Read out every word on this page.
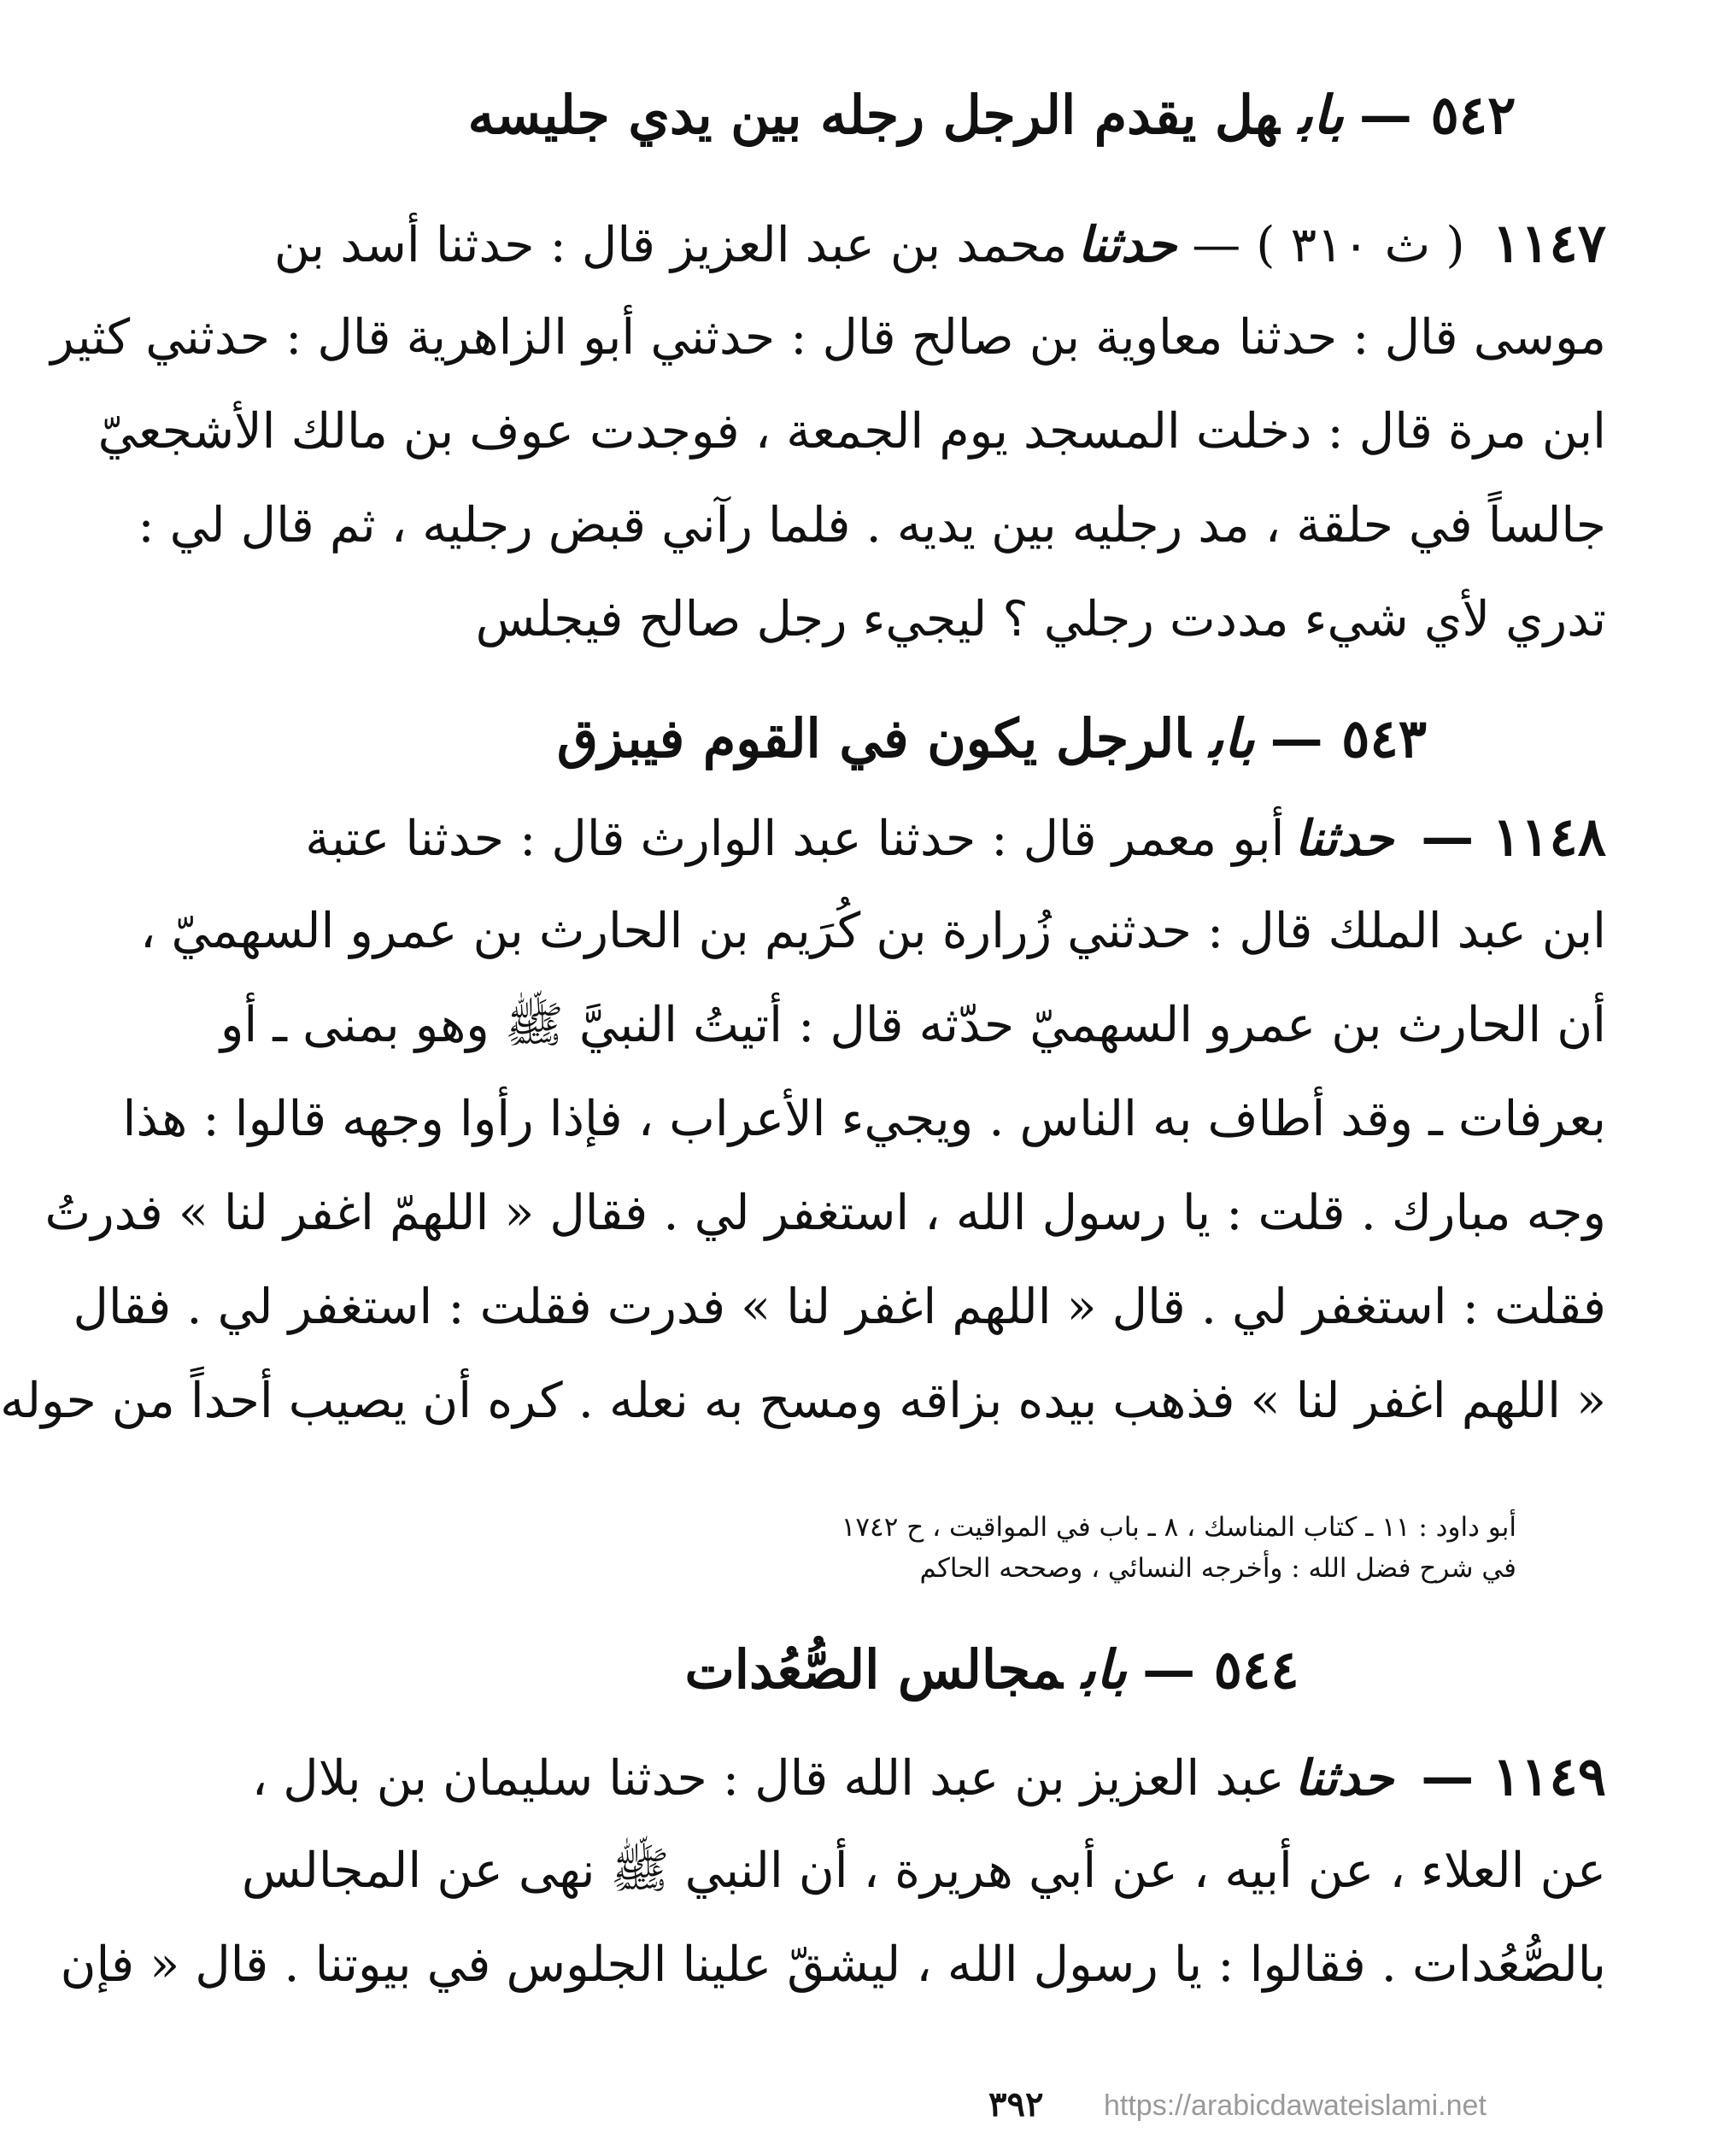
٥٤٢ —بابهل يقدم الرجل رجله بين يدي جليسه
١١٤٧ ( ث ٣١٠ ) — حدثنامحمد بن عبد العزيز قال : حدثنا أسد بن
موسى قال : حدثنا معاوية بن صالح قال : حدثني أبو الزاهرية قال : حدثني كثير
ابن مرة قال : دخلت المسجد يوم الجمعة ، فوجدت عوف بن مالك الأشجعيّ
جالساً في حلقة ، مد رجليه بين يديه . فلما رآني قبض رجليه ، ثم قال لي :
تدري لأي شيء مددت رجلي ؟ ليجيء رجل صالح فيجلس
٥٤٣ —بابالرجل يكون في القوم فيبزق
١١٤٨ — حدثناأبو معمر قال : حدثنا عبد الوارث قال : حدثنا عتبة
ابن عبد الملك قال : حدثني زُرارة بن كُرَيم بن الحارث بن عمرو السهميّ ،
أن الحارث بن عمرو السهميّ حدّثه قال : أتيتُ النبيَّ ﷺ وهو بمنى ـ أو
بعرفات ـ وقد أطاف به الناس . ويجيء الأعراب ، فإذا رأوا وجهه قالوا : هذا
وجه مبارك . قلت : يا رسول الله ، استغفر لي . فقال « اللهمّ اغفر لنا » فدرتُ
فقلت : استغفر لي . قال « اللهم اغفر لنا » فدرت فقلت : استغفر لي . فقال
« اللهم اغفر لنا » فذهب بيده بزاقه ومسح به نعله . كره أن يصيب أحداً من حوله
أبو داود : ١١ ـ كتاب المناسك ، ٨ ـ باب في المواقيت ، ح ١٧٤٢
في شرح فضل الله : وأخرجه النسائي ، وصححه الحاكم
٥٤٤ —بابمجالس الصُّعُدات
١١٤٩ — حدثناعبد العزيز بن عبد الله قال : حدثنا سليمان بن بلال ،
عن العلاء ، عن أبيه ، عن أبي هريرة ، أن النبي ﷺ نهى عن المجالس
بالصُّعُدات . فقالوا : يا رسول الله ، ليشقّ علينا الجلوس في بيوتنا . قال « فإن
٣٩٢ https://arabicdawateislami.net
